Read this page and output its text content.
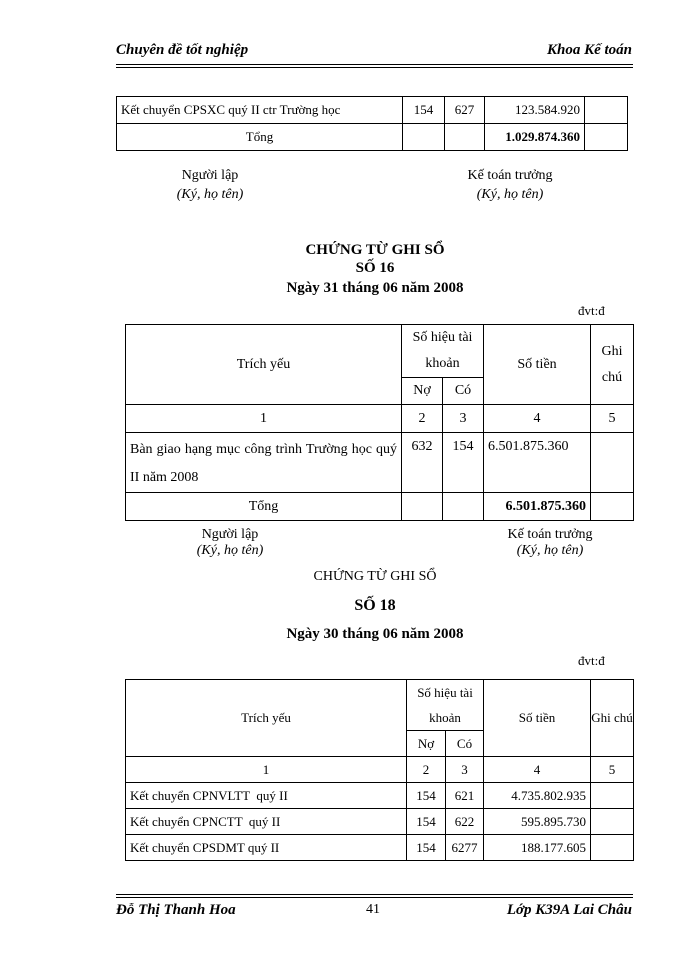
Chuyên đề tốt nghiệp	Khoa Kế toán
Kết chuyển CPSXC quý II ctr Trường học	154	627	123.584.920	
Tổng			1.029.874.360	
Người lập
(Ký, họ tên)
Kế toán trưởng
(Ký, họ tên)
CHỨNG TỪ GHI SỔ
SỐ 16
Ngày 31 tháng 06 năm 2008
đvt:đ
Trích yếu	Số hiệu tài khoản		Số tiền	Ghi chú
	Nợ	Có		
1	2	3	4	5
Bàn giao hạng mục công trình Trường học quý II năm 2008	632	154	6.501.875.360	
Tổng			6.501.875.360	
Người lập
(Ký, họ tên)
Kế toán trưởng
(Ký, họ tên)
CHỨNG TỪ GHI SỔ
SỐ 18
Ngày 30 tháng 06 năm 2008
đvt:đ
Trích yếu	Số hiệu tài khoản		Số tiền	Ghi chú
	Nợ	Có		
1	2	3	4	5
Kết chuyển CPNVLTT  quý II	154	621	4.735.802.935	
Kết chuyển CPNCTT  quý II	154	622	595.895.730	
Kết chuyển CPSDMT quý II	154	6277	188.177.605	
Đỗ Thị Thanh Hoa	41	Lớp K39A Lai Châu
